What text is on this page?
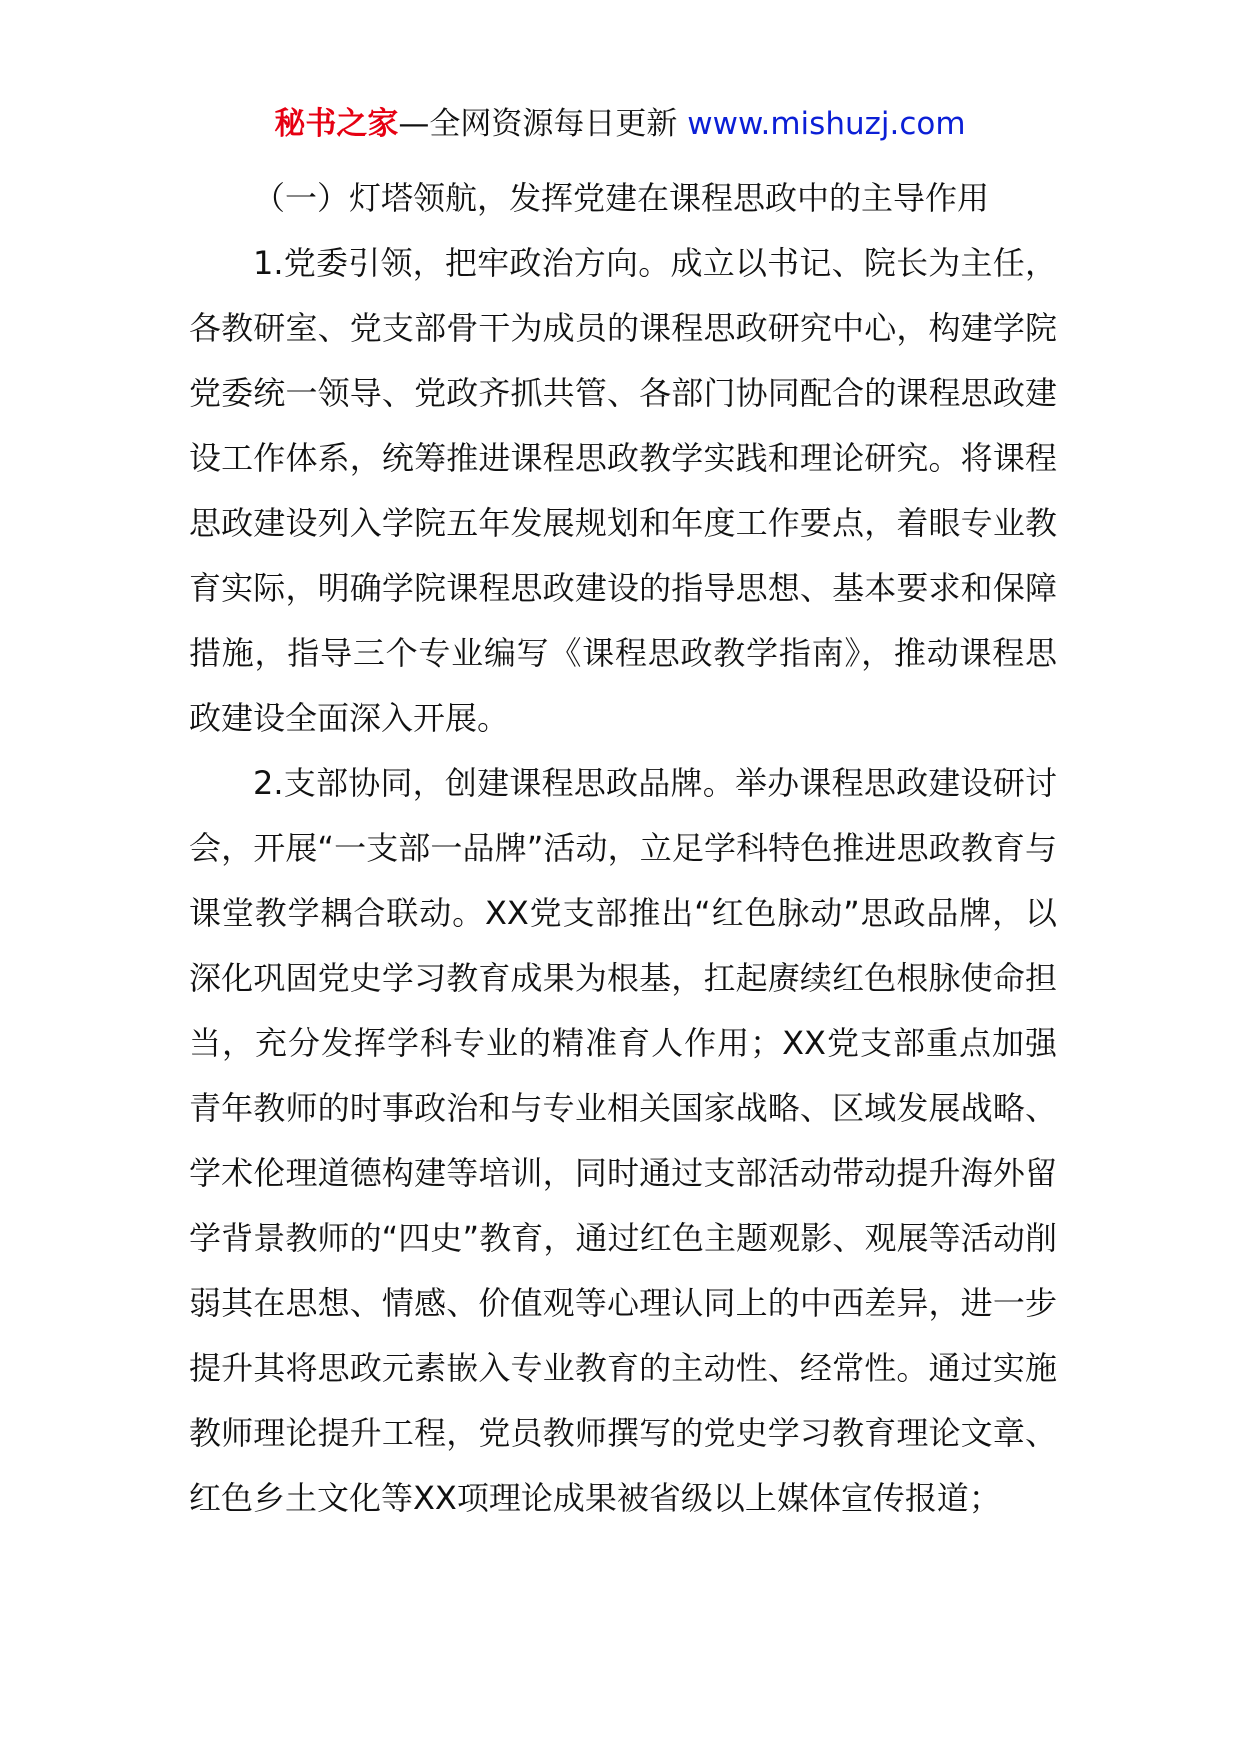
秘书之家—全网资源每日更新 www.mishuzj.com

（一）灯塔领航，发挥党建在课程思政中的主导作用

1.党委引领，把牢政治方向。成立以书记、院长为主任，各教研室、党支部骨干为成员的课程思政研究中心，构建学院党委统一领导、党政齐抓共管、各部门协同配合的课程思政建设工作体系，统筹推进课程思政教学实践和理论研究。将课程思政建设列入学院五年发展规划和年度工作要点，着眼专业教育实际，明确学院课程思政建设的指导思想、基本要求和保障措施，指导三个专业编写《课程思政教学指南》，推动课程思政建设全面深入开展。

2.支部协同，创建课程思政品牌。举办课程思政建设研讨会，开展“一支部一品牌”活动，立足学科特色推进思政教育与课堂教学耦合联动。XX党支部推出“红色脉动”思政品牌，以深化巩固党史学习教育成果为根基，扛起赓续红色根脉使命担当，充分发挥学科专业的精准育人作用；XX党支部重点加强青年教师的时事政治和与专业相关国家战略、区域发展战略、学术伦理道德构建等培训，同时通过支部活动带动提升海外留学背景教师的“四史”教育，通过红色主题观影、观展等活动削弱其在思想、情感、价值观等心理认同上的中西差异，进一步提升其将思政元素嵌入专业教育的主动性、经常性。通过实施教师理论提升工程，党员教师撰写的党史学习教育理论文章、红色乡土文化等XX项理论成果被省级以上媒体宣传报道；
